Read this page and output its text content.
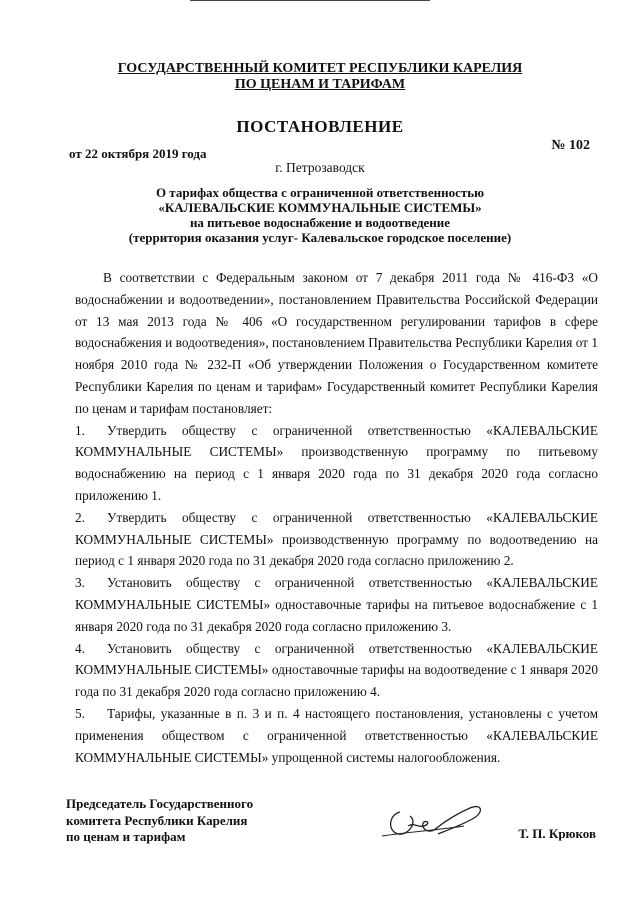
ГОСУДАРСТВЕННЫЙ КОМИТЕТ РЕСПУБЛИКИ КАРЕЛИЯ
ПО ЦЕНАМ И ТАРИФАМ
ПОСТАНОВЛЕНИЕ
от 22 октября 2019 года
№ 102
г. Петрозаводск
О тарифах общества с ограниченной ответственностью
«КАЛЕВАЛЬСКИЕ КОММУНАЛЬНЫЕ СИСТЕМЫ»
на питьевое водоснабжение и водоотведение
(территория оказания услуг- Калевальское городское поселение)

В соответствии с Федеральным законом от 7 декабря 2011 года № 416-ФЗ «О водоснабжении и водоотведении», постановлением Правительства Российской Федерации от 13 мая 2013 года № 406 «О государственном регулировании тарифов в сфере водоснабжения и водоотведения», постановлением Правительства Республики Карелия от 1 ноября 2010 года № 232-П «Об утверждении Положения о Государственном комитете Республики Карелия по ценам и тарифам» Государственный комитет Республики Карелия по ценам и тарифам постановляет:

1. Утвердить обществу с ограниченной ответственностью «КАЛЕВАЛЬСКИЕ КОММУНАЛЬНЫЕ СИСТЕМЫ» производственную программу по питьевому водоснабжению на период с 1 января 2020 года по 31 декабря 2020 года согласно приложению 1.

2. Утвердить обществу с ограниченной ответственностью «КАЛЕВАЛЬСКИЕ КОММУНАЛЬНЫЕ СИСТЕМЫ» производственную программу по водоотведению на период с 1 января 2020 года по 31 декабря 2020 года согласно приложению 2.

3. Установить обществу с ограниченной ответственностью «КАЛЕВАЛЬСКИЕ КОММУНАЛЬНЫЕ СИСТЕМЫ» одноставочные тарифы на питьевое водоснабжение с 1 января 2020 года по 31 декабря 2020 года согласно приложению 3.

4. Установить обществу с ограниченной ответственностью «КАЛЕВАЛЬСКИЕ КОММУНАЛЬНЫЕ СИСТЕМЫ» одноставочные тарифы на водоотведение с 1 января 2020 года по 31 декабря 2020 года согласно приложению 4.

5. Тарифы, указанные в п. 3 и п. 4 настоящего постановления, установлены с учетом применения обществом с ограниченной ответственностью «КАЛЕВАЛЬСКИЕ КОММУНАЛЬНЫЕ СИСТЕМЫ» упрощенной системы налогообложения.

Председатель Государственного
комитета Республики Карелия
по ценам и тарифам	Т. П. Крюков
